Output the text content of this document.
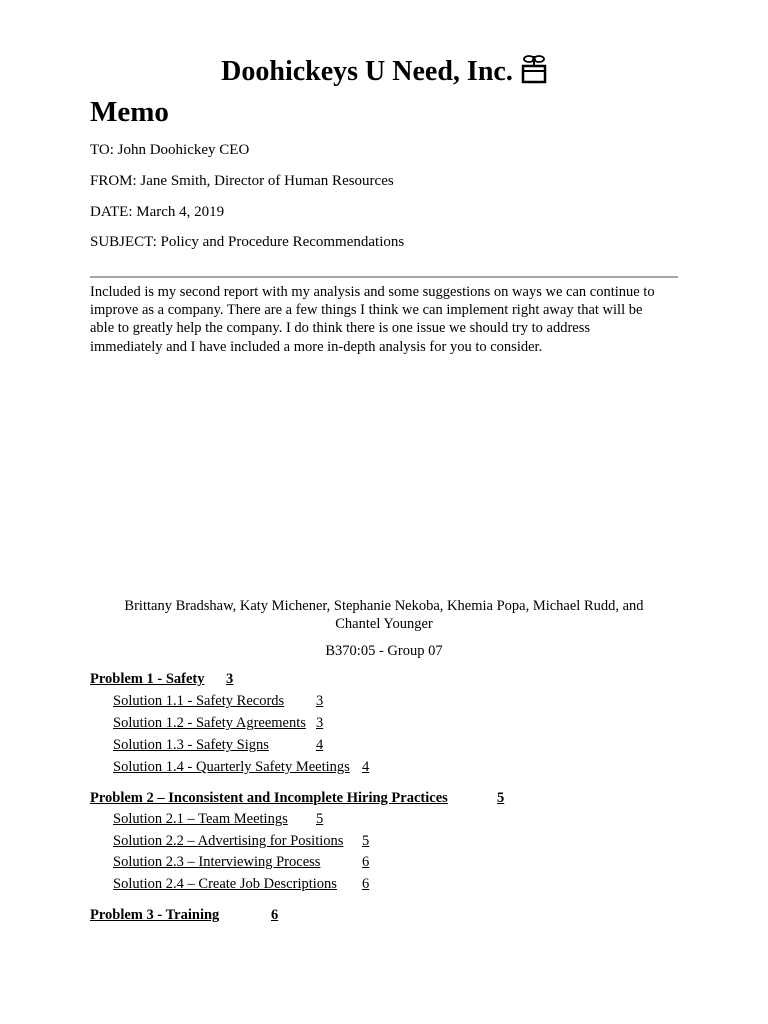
Doohickeys U Need, Inc.
Memo
TO: John Doohickey CEO
FROM: Jane Smith, Director of Human Resources
DATE: March 4, 2019
SUBJECT: Policy and Procedure Recommendations
Included is my second report with my analysis and some suggestions on ways we can continue to
improve as a company. There are a few things I think we can implement right away that will be
able to greatly help the company. I do think there is one issue we should try to address
immediately and I have included a more in-depth analysis for you to consider.
Brittany Bradshaw, Katy Michener, Stephanie Nekoba, Khemia Popa, Michael Rudd, and
Chantel Younger
B370:05 - Group 07
Problem 1 - Safety 3
Solution 1.1 - Safety Records 3
Solution 1.2 - Safety Agreements 3
Solution 1.3 - Safety Signs	4
Solution 1.4 - Quarterly Safety Meetings 4
Problem 2 – Inconsistent and Incomplete Hiring Practices	5
Solution 2.1 – Team Meetings 5
Solution 2.2 – Advertising for Positions 5
Solution 2.3 – Interviewing Process	6
Solution 2.4 – Create Job Descriptions 6
Problem 3 - Training	6
